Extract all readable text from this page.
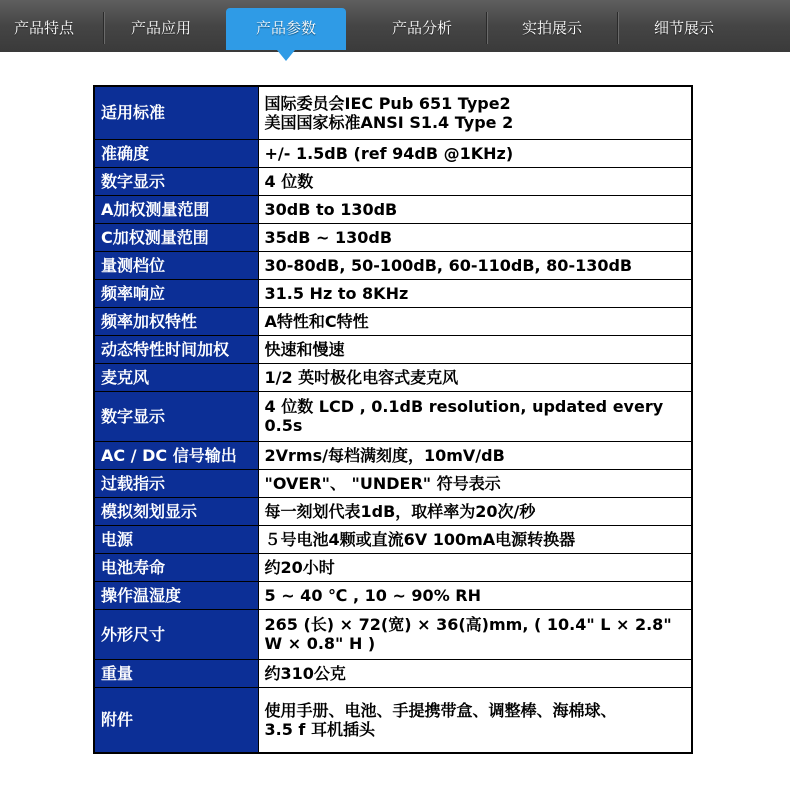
产品特点	产品应用	产品参数	产品分析	实拍展示	细节展示
适用标准	国际委员会IEC Pub 651 Type2
美国国家标准ANSI S1.4 Type 2

准确度	+/- 1.5dB (ref 94dB @1KHz)

数字显示	4 位数

A加权测量范围	30dB to 130dB

C加权测量范围	35dB ~ 130dB

量测档位	30-80dB, 50-100dB, 60-110dB, 80-130dB

频率响应	31.5 Hz to 8KHz

频率加权特性	A特性和C特性

动态特性时间加权	快速和慢速

麦克风	1/2 英吋极化电容式麦克风

数字显示	4 位数 LCD , 0.1dB resolution, updated every 0.5s

AC / DC 信号输出	2Vrms/每档满刻度，10mV/dB

过载指示	"OVER"、 "UNDER" 符号表示

模拟刻划显示	每一刻划代表1dB，取样率为20次/秒

电源	５号电池4颗或直流6V 100mA电源转换器

电池寿命	约20小时

操作温湿度	5 ~ 40 ℃ , 10 ~ 90% RH

外形尺寸	265 (长) × 72(宽) × 36(高)mm, ( 10.4" L × 2.8" W × 0.8" H )

重量	约310公克

附件	使用手册、电池、手提携带盒、调整棒、海棉球、
3.5 f 耳机插头
